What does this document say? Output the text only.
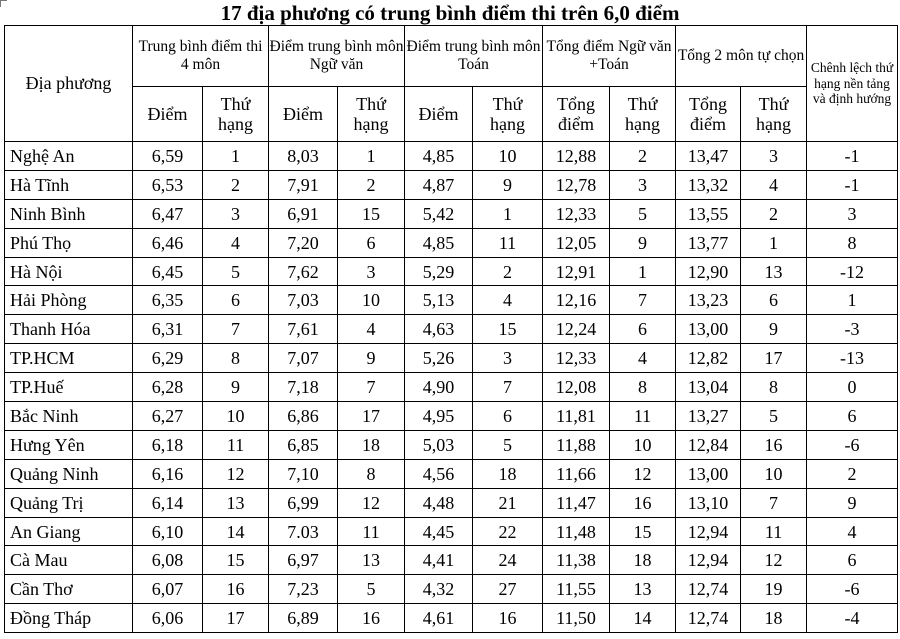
17 địa phương có trung bình điểm thi trên 6,0 điểm
Địa phương	Trung bình điểm thi 4 môn		Điểm trung bình môn Ngữ văn		Điểm trung bình môn Toán		Tổng điểm Ngữ văn +Toán		Tổng 2 môn tự chọn		Chênh lệch thứ hạng nền tảng và định hướng
	Điểm	Thứ hạng	Điểm	Thứ hạng	Điểm	Thứ hạng	Tổng điểm	Thứ hạng	Tổng điểm	Thứ hạng	
Nghệ An	6,59	1	8,03	1	4,85	10	12,88	2	13,47	3	-1
Hà Tĩnh	6,53	2	7,91	2	4,87	9	12,78	3	13,32	4	-1
Ninh Bình	6,47	3	6,91	15	5,42	1	12,33	5	13,55	2	3
Phú Thọ	6,46	4	7,20	6	4,85	11	12,05	9	13,77	1	8
Hà Nội	6,45	5	7,62	3	5,29	2	12,91	1	12,90	13	-12
Hải Phòng	6,35	6	7,03	10	5,13	4	12,16	7	13,23	6	1
Thanh Hóa	6,31	7	7,61	4	4,63	15	12,24	6	13,00	9	-3
TP.HCM	6,29	8	7,07	9	5,26	3	12,33	4	12,82	17	-13
TP.Huế	6,28	9	7,18	7	4,90	7	12,08	8	13,04	8	0
Bắc Ninh	6,27	10	6,86	17	4,95	6	11,81	11	13,27	5	6
Hưng Yên	6,18	11	6,85	18	5,03	5	11,88	10	12,84	16	-6
Quảng Ninh	6,16	12	7,10	8	4,56	18	11,66	12	13,00	10	2
Quảng Trị	6,14	13	6,99	12	4,48	21	11,47	16	13,10	7	9
An Giang	6,10	14	7.03	11	4,45	22	11,48	15	12,94	11	4
Cà Mau	6,08	15	6,97	13	4,41	24	11,38	18	12,94	12	6
Cần Thơ	6,07	16	7,23	5	4,32	27	11,55	13	12,74	19	-6
Đồng Tháp	6,06	17	6,89	16	4,61	16	11,50	14	12,74	18	-4
